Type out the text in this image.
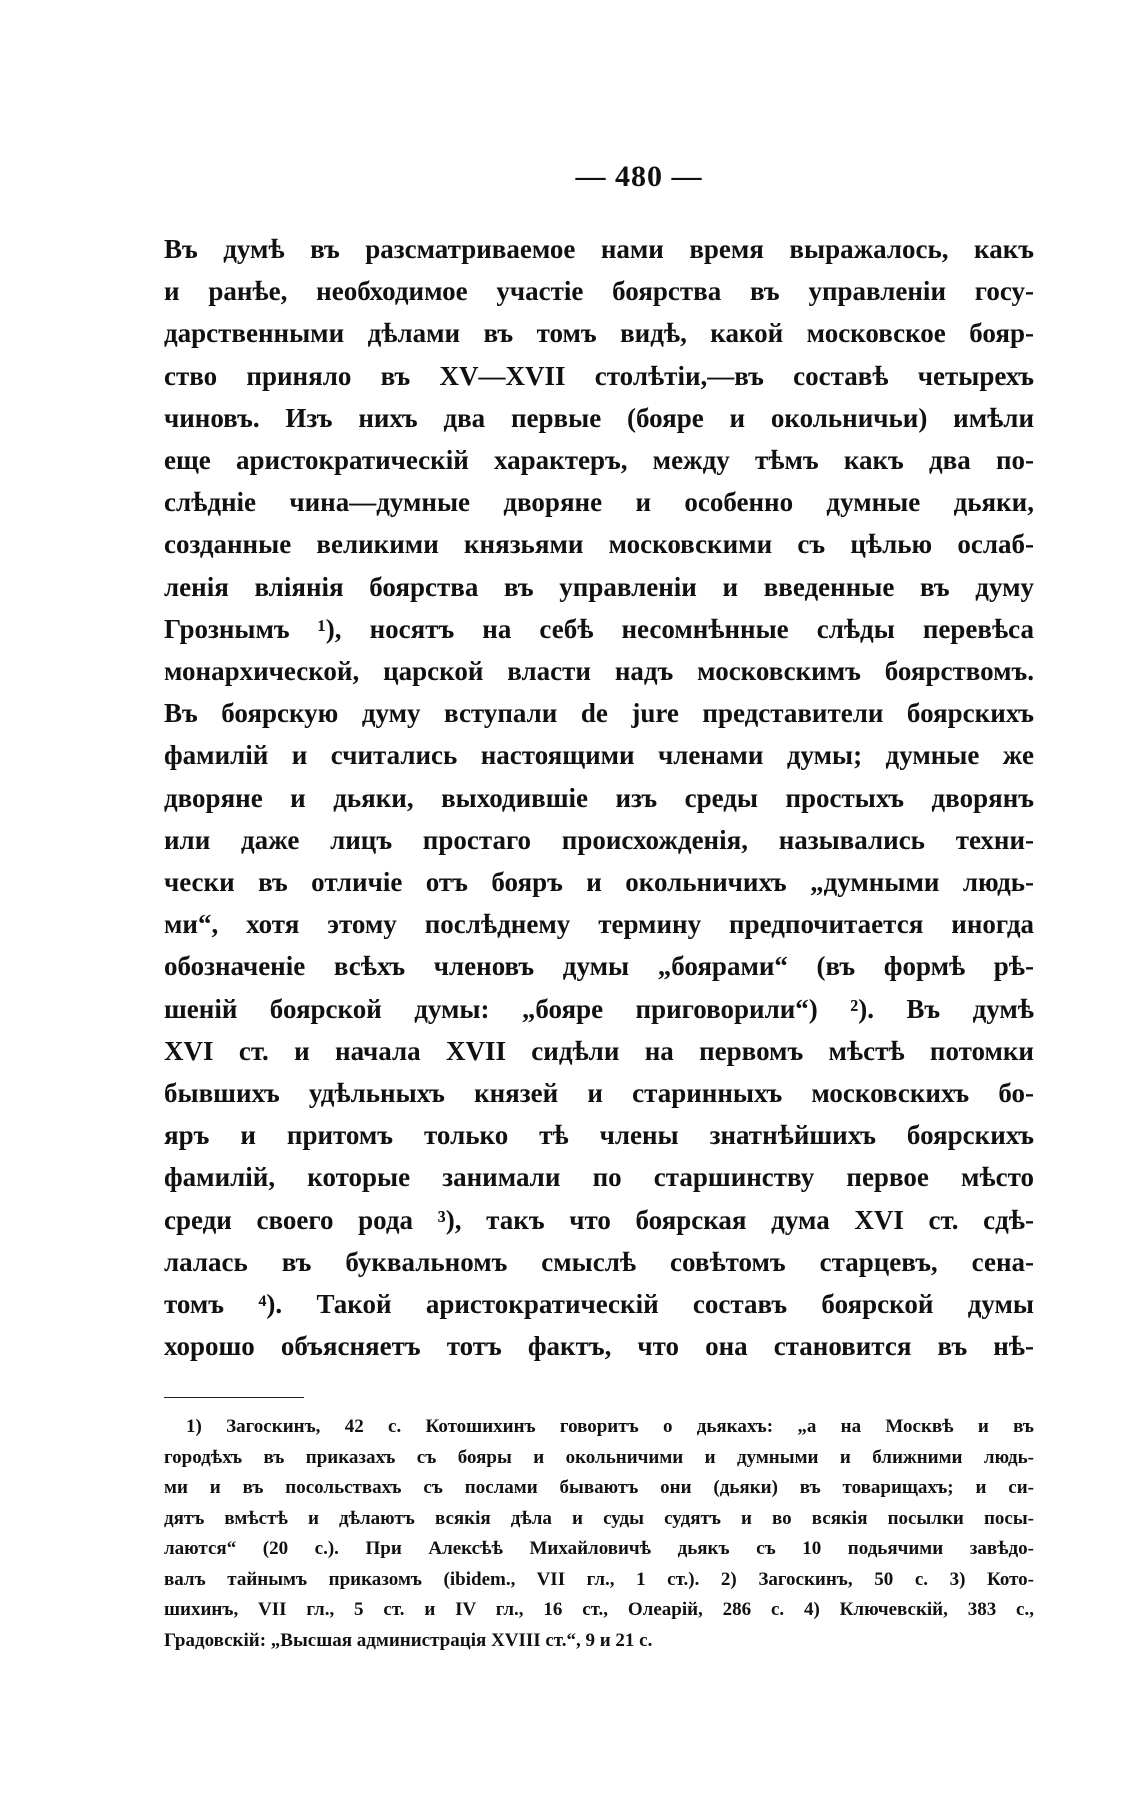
— 480 —
Въ думѣ въ разсматриваемое нами время выражалось, какъ
и ранѣе, необходимое участіе боярства въ управленіи госу-
дарственными дѣлами въ томъ видѣ, какой московское бояр-
ство приняло въ XV—XVII столѣтіи,—въ составѣ четырехъ
чиновъ. Изъ нихъ два первые (бояре и окольничьи) имѣли
еще аристократическій характеръ, между тѣмъ какъ два по-
слѣдніе чина—думные дворяне и особенно думные дьяки,
созданные великими князьями московскими съ цѣлью ослаб-
ленія вліянія боярства въ управленіи и введенные въ думу
Грознымъ ¹), носятъ на себѣ несомнѣнные слѣды перевѣса
монархической, царской власти надъ московскимъ боярствомъ.
Въ боярскую думу вступали de jure представители боярскихъ
фамилій и считались настоящими членами думы; думные же
дворяне и дьяки, выходившіе изъ среды простыхъ дворянъ
или даже лицъ простаго происхожденія, назывались техни-
чески въ отличіе отъ бояръ и окольничихъ „думными людь-
ми“, хотя этому послѣднему термину предпочитается иногда
обозначеніе всѣхъ членовъ думы „боярами“ (въ формѣ рѣ-
шеній боярской думы: „бояре приговорили“) ²). Въ думѣ
XVI ст. и начала XVII сидѣли на первомъ мѣстѣ потомки
бывшихъ удѣльныхъ князей и старинныхъ московскихъ бо-
яръ и притомъ только тѣ члены знатнѣйшихъ боярскихъ
фамилій, которые занимали по старшинству первое мѣсто
среди своего рода ³), такъ что боярская дума XVI ст. сдѣ-
лалась въ буквальномъ смыслѣ совѣтомъ старцевъ, сена-
томъ ⁴). Такой аристократическій составъ боярской думы
хорошо объясняетъ тотъ фактъ, что она становится въ нѣ-
1) Загоскинъ, 42 с. Котошихинъ говоритъ о дьякахъ: „а на Москвѣ и въ
городѣхъ въ приказахъ съ бояры и окольничими и думными и ближними людь-
ми и въ посольствахъ съ послами бываютъ они (дьяки) въ товарищахъ; и си-
дятъ вмѣстѣ и дѣлаютъ всякія дѣла и суды судятъ и во всякія посылки посы-
лаются“ (20 с.). При Алексѣѣ Михайловичѣ дьякъ съ 10 подьячими завѣдо-
валъ тайнымъ приказомъ (ibidem., VII гл., 1 ст.). 2) Загоскинъ, 50 с. 3) Кото-
шихинъ, VII гл., 5 ст. и IV гл., 16 ст., Олеарій, 286 с. 4) Ключевскій, 383 с.,
Градовскій: „Высшая администрація XVIII ст.“, 9 и 21 с.
